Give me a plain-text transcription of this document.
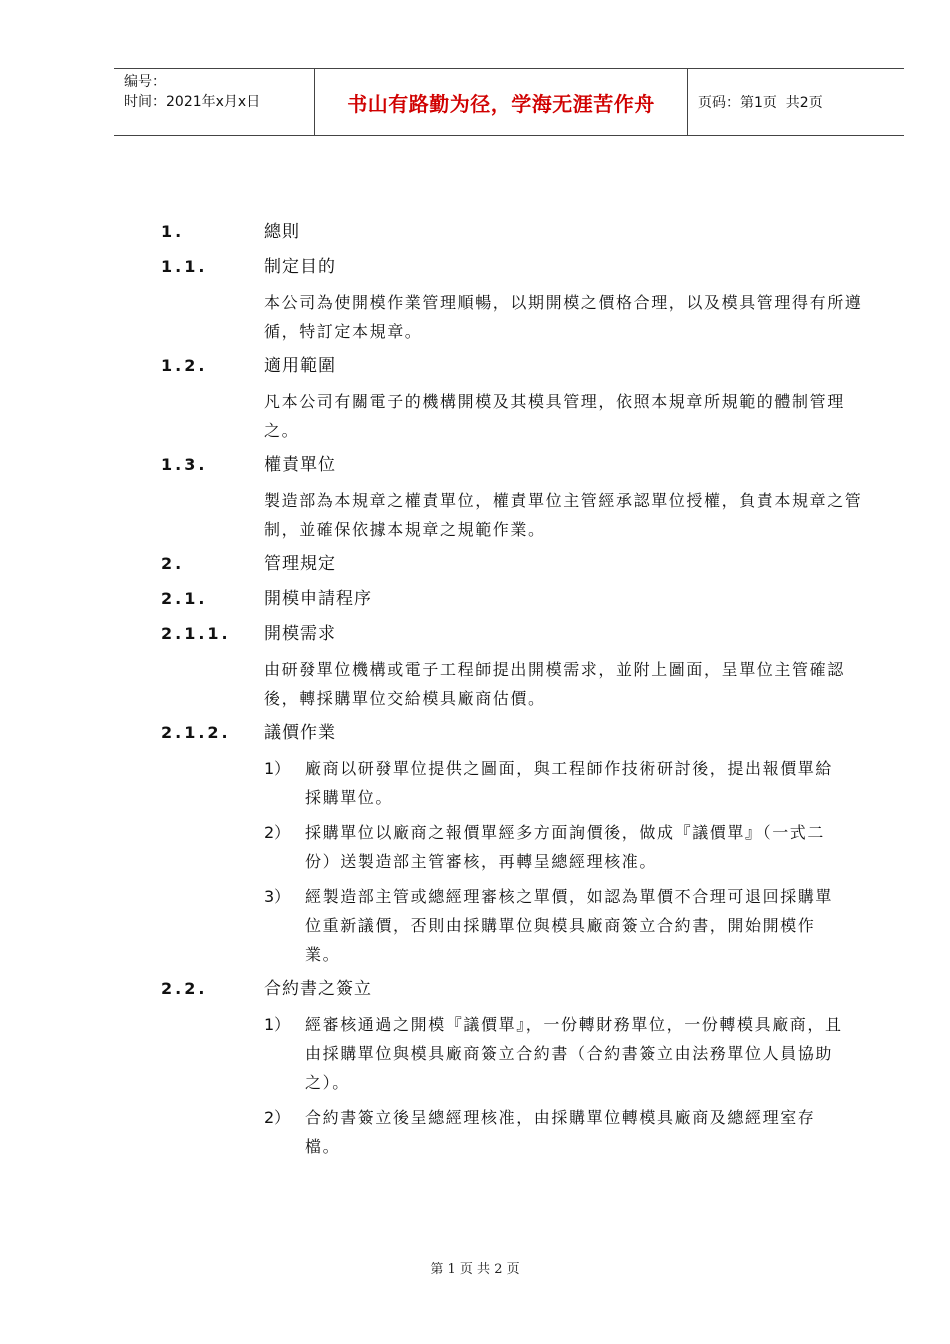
编号：
时间：2021年x月x日	书山有路勤为径，学海无涯苦作舟	页码：第1页  共2页
1.	總則
1.1.	制定目的
本公司為使開模作業管理順暢，以期開模之價格合理，以及模具管理得有所遵循，特訂定本規章。
1.2.	適用範圍
凡本公司有關電子的機構開模及其模具管理，依照本規章所規範的體制管理之。
1.3.	權責單位
製造部為本規章之權責單位，權責單位主管經承認單位授權，負責本規章之管制，並確保依據本規章之規範作業。
2.	管理規定
2.1.	開模申請程序
2.1.1. 開模需求
由研發單位機構或電子工程師提出開模需求，並附上圖面，呈單位主管確認後，轉採購單位交給模具廠商估價。
2.1.2. 議價作業
1） 廠商以研發單位提供之圖面，與工程師作技術研討後，提出報價單給採購單位。
2） 採購單位以廠商之報價單經多方面詢價後，做成『議價單』（一式二份）送製造部主管審核，再轉呈總經理核准。
3） 經製造部主管或總經理審核之單價，如認為單價不合理可退回採購單位重新議價，否則由採購單位與模具廠商簽立合約書，開始開模作業。
2.2.	合約書之簽立
1） 經審核通過之開模『議價單』，一份轉財務單位，一份轉模具廠商，且由採購單位與模具廠商簽立合約書（合約書簽立由法務單位人員協助之）。
2） 合約書簽立後呈總經理核准，由採購單位轉模具廠商及總經理室存檔。
第 1 页 共 2 页
